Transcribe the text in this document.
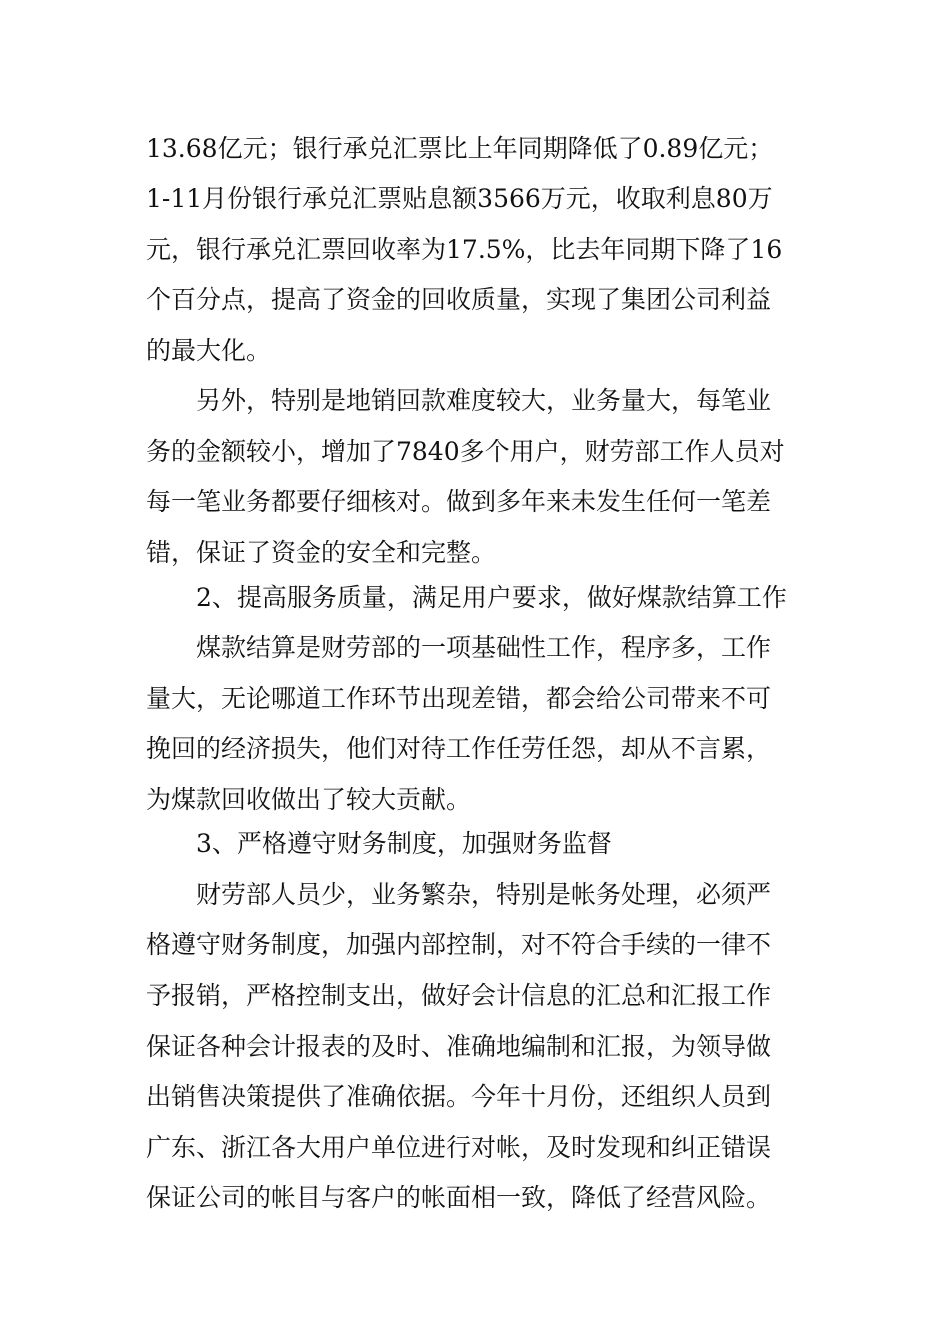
13.68亿元；银行承兑汇票比上年同期降低了0.89亿元；
1-11月份银行承兑汇票贴息额3566万元，收取利息80万
元，银行承兑汇票回收率为17.5%，比去年同期下降了16
个百分点，提高了资金的回收质量，实现了集团公司利益
的最大化。
另外，特别是地销回款难度较大，业务量大，每笔业
务的金额较小，增加了7840多个用户，财劳部工作人员对
每一笔业务都要仔细核对。做到多年来未发生任何一笔差
错，保证了资金的安全和完整。
2、提高服务质量，满足用户要求，做好煤款结算工作
煤款结算是财劳部的一项基础性工作，程序多，工作
量大，无论哪道工作环节出现差错，都会给公司带来不可
挽回的经济损失，他们对待工作任劳任怨，却从不言累，
为煤款回收做出了较大贡献。
3、严格遵守财务制度，加强财务监督
财劳部人员少，业务繁杂，特别是帐务处理，必须严
格遵守财务制度，加强内部控制，对不符合手续的一律不
予报销，严格控制支出，做好会计信息的汇总和汇报工作
保证各种会计报表的及时、准确地编制和汇报，为领导做
出销售决策提供了准确依据。今年十月份，还组织人员到
广东、浙江各大用户单位进行对帐，及时发现和纠正错误
保证公司的帐目与客户的帐面相一致，降低了经营风险。
